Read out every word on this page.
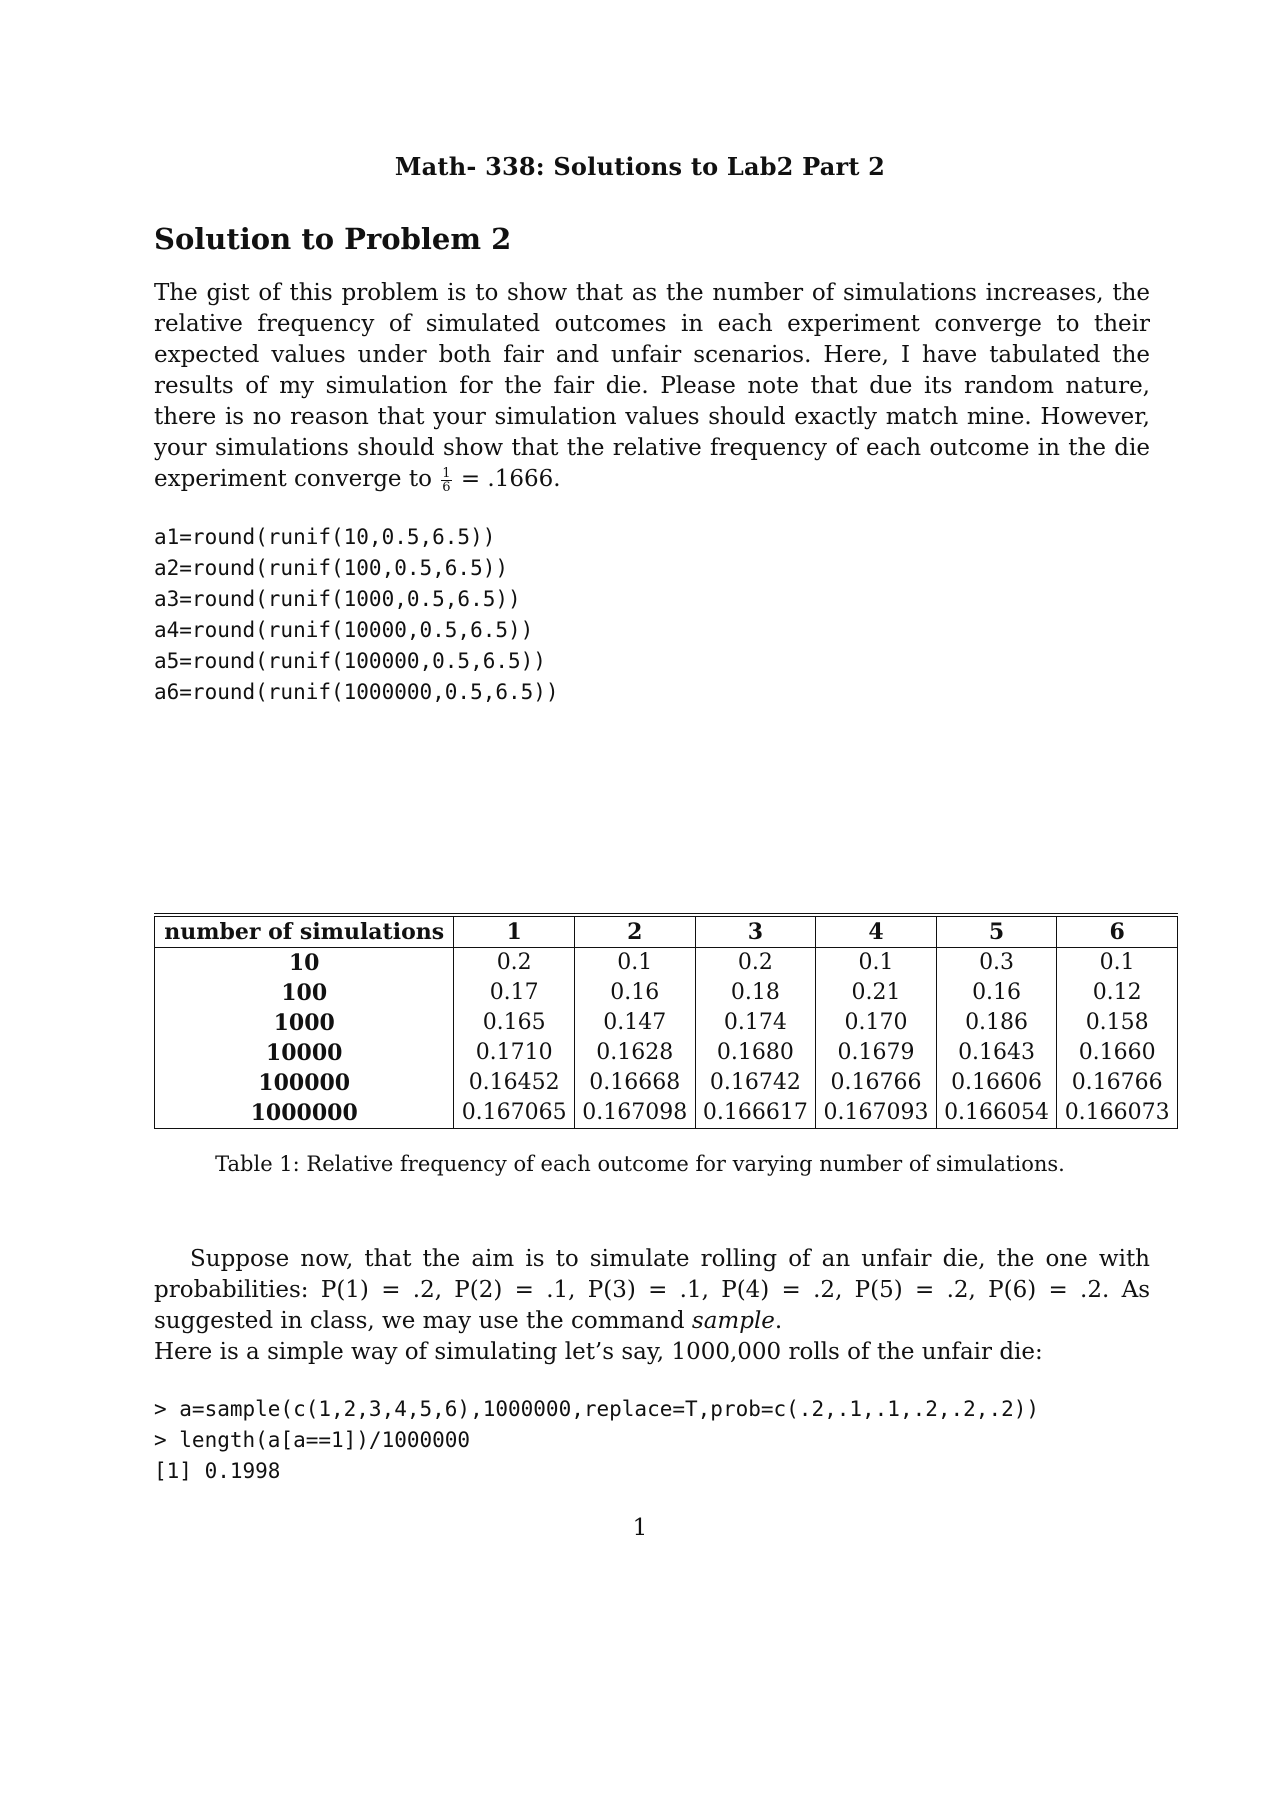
Math- 338: Solutions to Lab2 Part 2
Solution to Problem 2

The gist of this problem is to show that as the number of simulations increases, the relative frequency of simulated outcomes in each experiment converge to their expected values under both fair and unfair scenarios. Here, I have tabulated the results of my simulation for the fair die. Please note that due its random nature, there is no reason that your simulation values should exactly match mine. However, your simulations should show that the relative frequency of each outcome in the die experiment converge to $\frac{1}{6} = .1666$.

a1=round(runif(10,0.5,6.5))
a2=round(runif(100,0.5,6.5))
a3=round(runif(1000,0.5,6.5))
a4=round(runif(10000,0.5,6.5))
a5=round(runif(100000,0.5,6.5))
a6=round(runif(1000000,0.5,6.5))
number of simulations	1	2	3	4	5	6
10	0.2	0.1	0.2	0.1	0.3	0.1
100	0.17	0.16	0.18	0.21	0.16	0.12
1000	0.165	0.147	0.174	0.170	0.186	0.158
10000	0.1710	0.1628	0.1680	0.1679	0.1643	0.1660
100000	0.16452	0.16668	0.16742	0.16766	0.16606	0.16766
1000000	0.167065	0.167098	0.166617	0.167093	0.166054	0.166073

Table 1: Relative frequency of each outcome for varying number of simulations.

Suppose now, that the aim is to simulate rolling of an unfair die, the one with probabilities: P(1) = .2, P(2) = .1, P(3) = .1, P(4) = .2, P(5) = .2, P(6) = .2. As suggested in class, we may use the command sample.

Here is a simple way of simulating let’s say, 1000,000 rolls of the unfair die:

> a=sample(c(1,2,3,4,5,6),1000000,replace=T,prob=c(.2,.1,.1,.2,.2,.2))
> length(a[a==1])/1000000
[1] 0.1998
1
